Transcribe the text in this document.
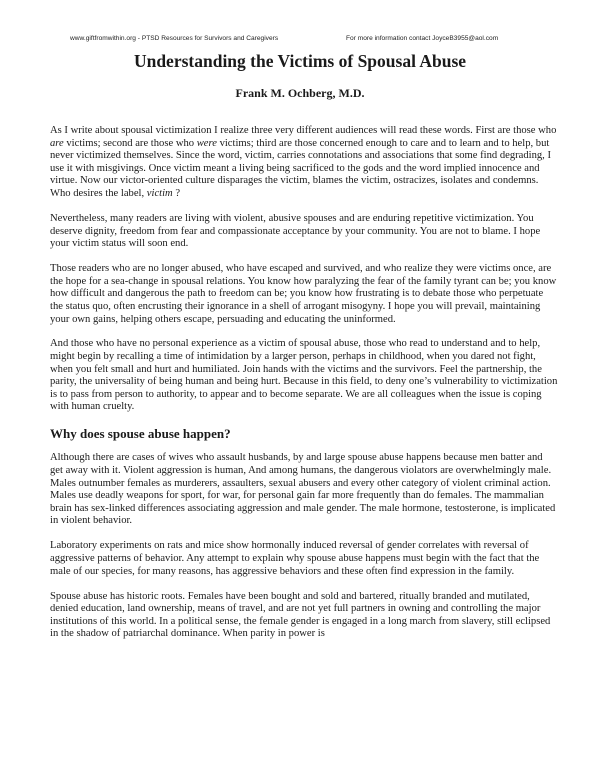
www.giftfromwithin.org - PTSD Resources for Survivors and Caregivers	For more information contact JoyceB3955@aol.com
Understanding the Victims of Spousal Abuse
Frank M. Ochberg, M.D.

As I write about spousal victimization I realize three very different audiences will read these words. First are those who are victims; second are those who were victims; third are those concerned enough to care and to learn and to help, but never victimized themselves. Since the word, victim, carries connotations and associations that some find degrading, I use it with misgivings. Once victim meant a living being sacrificed to the gods and the word implied innocence and virtue. Now our victor-oriented culture disparages the victim, blames the victim, ostracizes, isolates and condemns. Who desires the label, victim ?

Nevertheless, many readers are living with violent, abusive spouses and are enduring repetitive victimization. You deserve dignity, freedom from fear and compassionate acceptance by your community. You are not to blame. I hope your victim status will soon end.

Those readers who are no longer abused, who have escaped and survived, and who realize they were victims once, are the hope for a sea-change in spousal relations. You know how paralyzing the fear of the family tyrant can be; you know how difficult and dangerous the path to freedom can be; you know how frustrating is to debate those who perpetuate the status quo, often encrusting their ignorance in a shell of arrogant misogyny. I hope you will prevail, maintaining your own gains, helping others escape, persuading and educating the uninformed.

And those who have no personal experience as a victim of spousal abuse, those who read to understand and to help, might begin by recalling a time of intimidation by a larger person, perhaps in childhood, when you dared not fight, when you felt small and hurt and humiliated. Join hands with the victims and the survivors. Feel the partnership, the parity, the universality of being human and being hurt. Because in this field, to deny one’s vulnerability to victimization is to pass from person to authority, to appear and to become separate. We are all colleagues when the issue is coping with human cruelty.

Why does spouse abuse happen?

Although there are cases of wives who assault husbands, by and large spouse abuse happens because men batter and get away with it. Violent aggression is human, And among humans, the dangerous violators are overwhelmingly male. Males outnumber females as murderers, assaulters, sexual abusers and every other category of violent criminal action. Males use deadly weapons for sport, for war, for personal gain far more frequently than do females. The mammalian brain has sex-linked differences associating aggression and male gender. The male hormone, testosterone, is implicated in violent behavior.

Laboratory experiments on rats and mice show hormonally induced reversal of gender correlates with reversal of aggressive patterns of behavior. Any attempt to explain why spouse abuse happens must begin with the fact that the male of our species, for many reasons, has aggressive behaviors and these often find expression in the family.

Spouse abuse has historic roots. Females have been bought and sold and bartered, ritually branded and mutilated, denied education, land ownership, means of travel, and are not yet full partners in owning and controlling the major institutions of this world. In a political sense, the female gender is engaged in a long march from slavery, still eclipsed in the shadow of patriarchal dominance. When parity in power is
